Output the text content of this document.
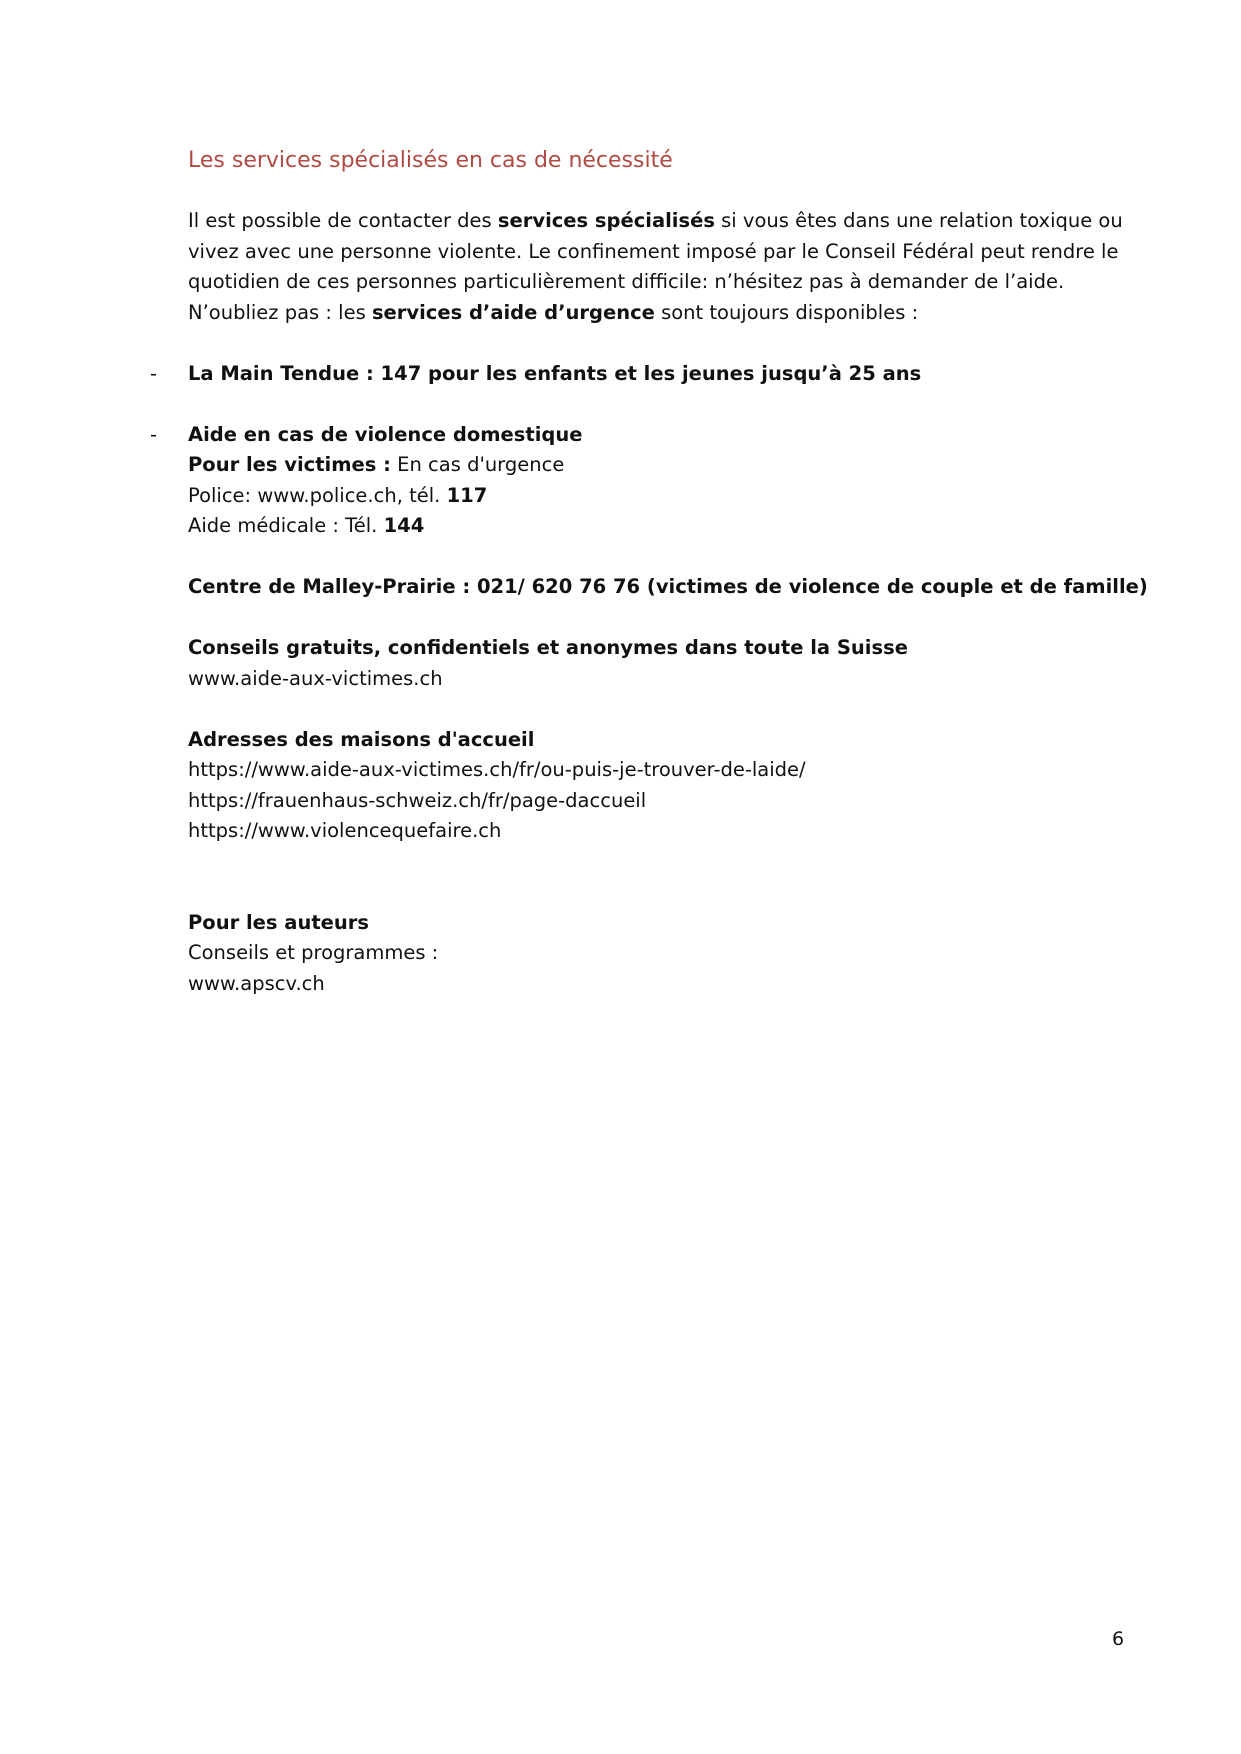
Les services spécialisés en cas de nécessité

Il est possible de contacter des services spécialisés si vous êtes dans une relation toxique ou vivez avec une personne violente. Le confinement imposé par le Conseil Fédéral peut rendre le quotidien de ces personnes particulièrement difficile: n’hésitez pas à demander de l’aide.

N’oubliez pas : les services d’aide d’urgence sont toujours disponibles :

- La Main Tendue : 147 pour les enfants et les jeunes jusqu’à 25 ans

- Aide en cas de violence domestique

Pour les victimes : En cas d'urgence

Police: www.police.ch, tél. 117

Aide médicale : Tél. 144

Centre de Malley-Prairie : 021/ 620 76 76 (victimes de violence de couple et de famille)

Conseils gratuits, confidentiels et anonymes dans toute la Suisse

www.aide-aux-victimes.ch

Adresses des maisons d'accueil

https://www.aide-aux-victimes.ch/fr/ou-puis-je-trouver-de-laide/

https://frauenhaus-schweiz.ch/fr/page-daccueil

https://www.violencequefaire.ch

Pour les auteurs

Conseils et programmes :

www.apscv.ch

6
